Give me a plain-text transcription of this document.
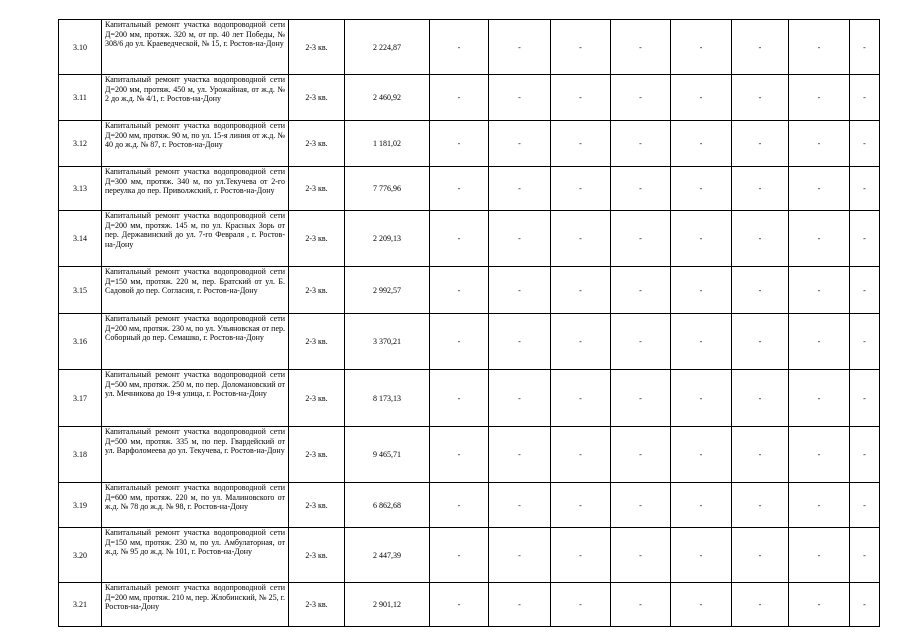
3.10	Капитальный ремонт участка водопроводной сети Д=200 мм, протяж. 320 м, от пр. 40 лет Победы, № 308/6 до ул. Краеведческой, № 15, г. Ростов-на-Дону	2-3 кв.	2 224,87	-	-	-	-	-	-	-	-
3.11	Капитальный ремонт участка водопроводной сети Д=200 мм, протяж. 450 м, ул. Урожайная, от ж.д. № 2 до ж.д. № 4/1, г. Ростов-на-Дону	2-3 кв.	2 460,92	-	-	-	-	-	-	-	-
3.12	Капитальный ремонт участка водопроводной сети Д=200 мм, протяж. 90 м, по ул. 15-я линия от ж.д. № 40 до ж.д. № 87, г. Ростов-на-Дону	2-3 кв.	1 181,02	-	-	-	-	-	-	-	-
3.13	Капитальный ремонт участка водопроводной сети Д=300 мм, протяж. 340 м, по ул.Текучева от 2-го переулка до пер. Приволжский, г. Ростов-на-Дону	2-3 кв.	7 776,96	-	-	-	-	-	-	-	-
3.14	Капитальный ремонт участка водопроводной сети Д=200 мм, протяж. 145 м, по ул. Красных Зорь от пер. Державинский до ул. 7-го Февраля , г. Ростов-на-Дону	2-3 кв.	2 209,13	-	-	-	-	-	-	-	-
3.15	Капитальный ремонт участка водопроводной сети Д=150 мм, протяж. 220 м, пер. Братский от ул. Б. Садовой до пер. Согласия, г. Ростов-на-Дону	2-3 кв.	2 992,57	-	-	-	-	-	-	-	-
3.16	Капитальный ремонт участка водопроводной сети Д=200 мм, протяж. 230 м, по ул. Ульяновская от пер. Соборный до пер. Семашко, г. Ростов-на-Дону	2-3 кв.	3 370,21	-	-	-	-	-	-	-	-
3.17	Капитальный ремонт участка водопроводной сети Д=500 мм, протяж. 250 м, по пер. Доломановский от ул. Мечникова до 19-я улица, г. Ростов-на-Дону	2-3 кв.	8 173,13	-	-	-	-	-	-	-	-
3.18	Капитальный ремонт участка водопроводной сети Д=500 мм, протяж. 335 м, по пер. Гвардейский от ул. Варфоломеева до ул. Текучева, г. Ростов-на-Дону	2-3 кв.	9 465,71	-	-	-	-	-	-	-	-
3.19	Капитальный ремонт участка водопроводной сети Д=600 мм, протяж. 220 м, по ул. Малиновского от ж.д. № 78 до ж.д. № 98, г. Ростов-на-Дону	2-3 кв.	6 862,68	-	-	-	-	-	-	-	-
3.20	Капитальный ремонт участка водопроводной сети Д=150 мм, протяж. 230 м, по ул. Амбулаторная, от ж.д. № 95 до ж.д. № 101, г. Ростов-на-Дону	2-3 кв.	2 447,39	-	-	-	-	-	-	-	-
3.21	Капитальный ремонт участка водопроводной сети Д=200 мм, протяж. 210 м, пер. Жлобинский, № 25, г. Ростов-на-Дону	2-3 кв.	2 901,12	-	-	-	-	-	-	-	-
